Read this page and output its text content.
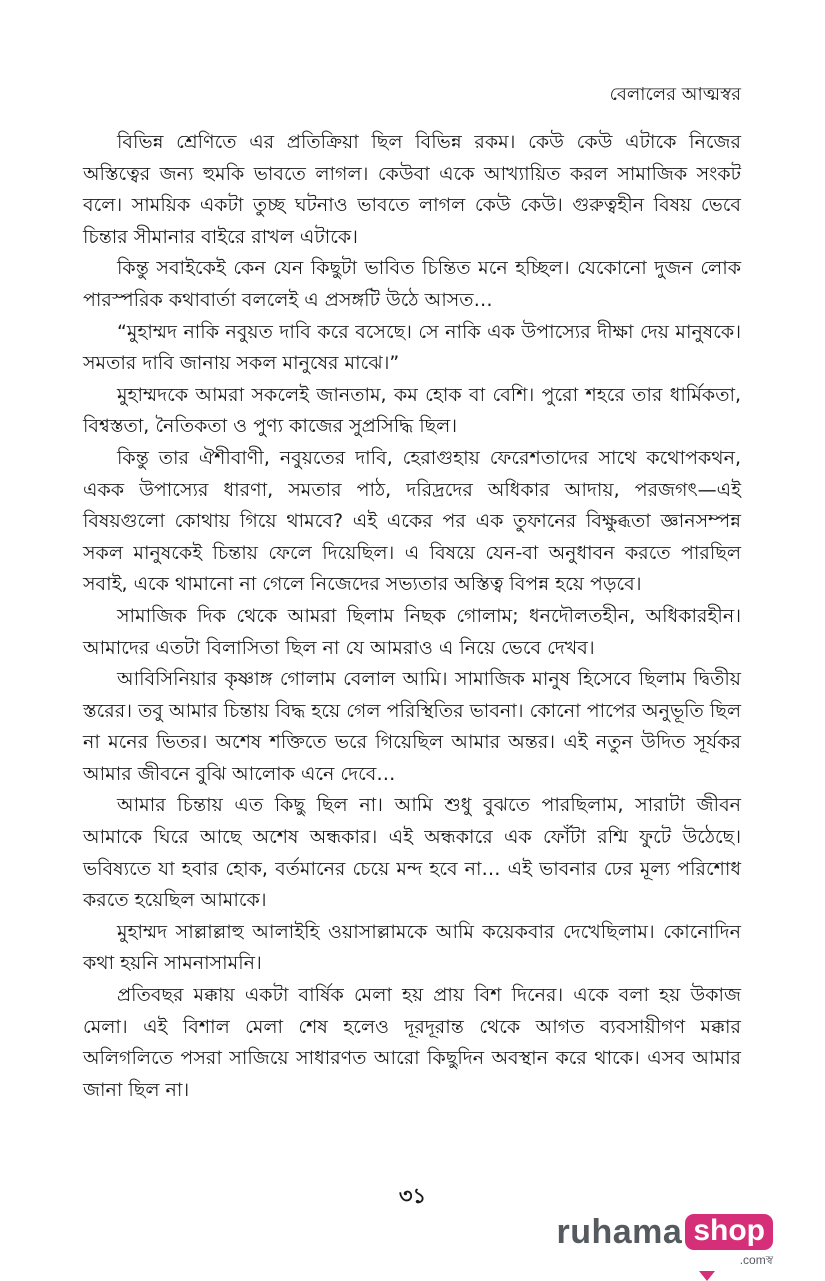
বেলালের আত্মস্বর

বিভিন্ন শ্রেণিতে এর প্রতিক্রিয়া ছিল বিভিন্ন রকম। কেউ কেউ এটাকে নিজের অস্তিত্বের জন্য হুমকি ভাবতে লাগল। কেউবা একে আখ্যায়িত করল সামাজিক সংকট বলে। সাময়িক একটা তুচ্ছ ঘটনাও ভাবতে লাগল কেউ কেউ। গুরুত্বহীন বিষয় ভেবে চিন্তার সীমানার বাইরে রাখল এটাকে।

কিন্তু সবাইকেই কেন যেন কিছুটা ভাবিত চিন্তিত মনে হচ্ছিল। যেকোনো দুজন লোক পারস্পরিক কথাবার্তা বললেই এ প্রসঙ্গটি উঠে আসত…

“মুহাম্মদ নাকি নবুয়ত দাবি করে বসেছে। সে নাকি এক উপাস্যের দীক্ষা দেয় মানুষকে। সমতার দাবি জানায় সকল মানুষের মাঝে।”

মুহাম্মদকে আমরা সকলেই জানতাম, কম হোক বা বেশি। পুরো শহরে তার ধার্মিকতা, বিশ্বস্ততা, নৈতিকতা ও পুণ্য কাজের সুপ্রসিদ্ধি ছিল।

কিন্তু তার ঐশীবাণী, নবুয়তের দাবি, হেরাগুহায় ফেরেশতাদের সাথে কথোপকথন, একক উপাস্যের ধারণা, সমতার পাঠ, দরিদ্রদের অধিকার আদায়, পরজগৎ—এই বিষয়গুলো কোথায় গিয়ে থামবে? এই একের পর এক তুফানের বিক্ষুব্ধতা জ্ঞানসম্পন্ন সকল মানুষকেই চিন্তায় ফেলে দিয়েছিল। এ বিষয়ে যেন-বা অনুধাবন করতে পারছিল সবাই, একে থামানো না গেলে নিজেদের সভ্যতার অস্তিত্ব বিপন্ন হয়ে পড়বে।

সামাজিক দিক থেকে আমরা ছিলাম নিছক গোলাম; ধনদৌলতহীন, অধিকারহীন। আমাদের এতটা বিলাসিতা ছিল না যে আমরাও এ নিয়ে ভেবে দেখব।

আবিসিনিয়ার কৃষ্ণাঙ্গ গোলাম বেলাল আমি। সামাজিক মানুষ হিসেবে ছিলাম দ্বিতীয় স্তরের। তবু আমার চিন্তায় বিদ্ধ হয়ে গেল পরিস্থিতির ভাবনা। কোনো পাপের অনুভূতি ছিল না মনের ভিতর। অশেষ শক্তিতে ভরে গিয়েছিল আমার অন্তর। এই নতুন উদিত সূর্যকর আমার জীবনে বুঝি আলোক এনে দেবে…

আমার চিন্তায় এত কিছু ছিল না। আমি শুধু বুঝতে পারছিলাম, সারাটা জীবন আমাকে ঘিরে আছে অশেষ অন্ধকার। এই অন্ধকারে এক ফোঁটা রশ্মি ফুটে উঠেছে। ভবিষ্যতে যা হবার হোক, বর্তমানের চেয়ে মন্দ হবে না… এই ভাবনার ঢের মূল্য পরিশোধ করতে হয়েছিল আমাকে।

মুহাম্মদ সাল্লাল্লাহু আলাইহি ওয়াসাল্লামকে আমি কয়েকবার দেখেছিলাম। কোনোদিন কথা হয়নি সামনাসামনি।

প্রতিবছর মক্কায় একটা বার্ষিক মেলা হয় প্রায় বিশ দিনের। একে বলা হয় উকাজ মেলা। এই বিশাল মেলা শেষ হলেও দূরদূরান্ত থেকে আগত ব্যবসায়ীগণ মক্কার অলিগলিতে পসরা সাজিয়ে সাধারণত আরো কিছুদিন অবস্থান করে থাকে। এসব আমার জানা ছিল না।

৩১
ruhama shop
.comস্ব
